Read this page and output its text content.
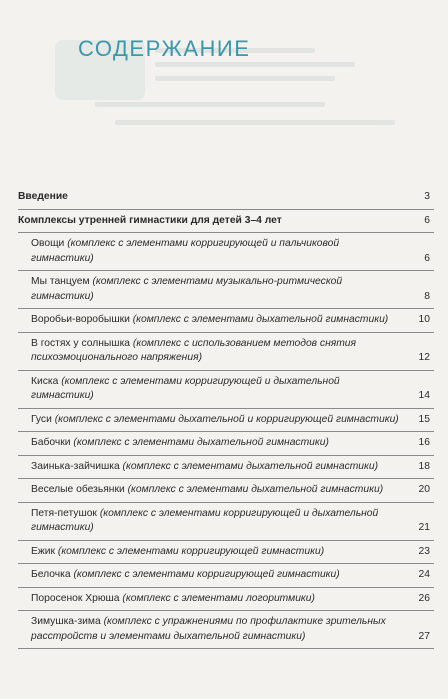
СОДЕРЖАНИЕ
Введение	3
Комплексы утренней гимнастики для детей 3–4 лет	6
Овощи (комплекс с элементами корригирующей и пальчиковой гимнастики)	6
Мы танцуем (комплекс с элементами музыкально-ритмической гимнастики)	8
Воробьи-воробышки (комплекс с элементами дыхательной гимнастики)	10
В гостях у солнышка (комплекс с использованием методов снятия психоэмоционального напряжения)	12
Киска (комплекс с элементами корригирующей и дыхательной гимнастики)	14
Гуси (комплекс с элементами дыхательной и корригирующей гимнастики)	15
Бабочки (комплекс с элементами дыхательной гимнастики)	16
Заинька-зайчишка (комплекс с элементами дыхательной гимнастики)	18
Веселые обезьянки (комплекс с элементами дыхательной гимнастики)	20
Петя-петушок (комплекс с элементами корригирующей и дыхательной гимнастики)	21
Ежик (комплекс с элементами корригирующей гимнастики)	23
Белочка (комплекс с элементами корригирующей гимнастики)	24
Поросенок Хрюша (комплекс с элементами логоритмики)	26
Зимушка-зима (комплекс с упражнениями по профилактике зрительных расстройств и элементами дыхательной гимнастики)	27
